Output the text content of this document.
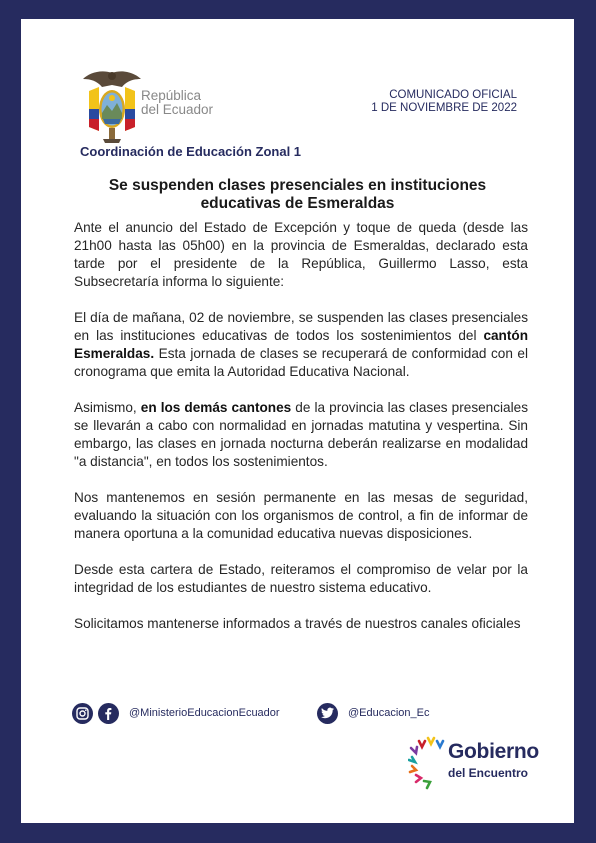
República
del Ecuador
COMUNICADO OFICIAL
1 DE NOVIEMBRE DE 2022
Coordinación de Educación Zonal 1
Se suspenden clases presenciales en instituciones
educativas de Esmeraldas

Ante el anuncio del Estado de Excepción y toque de queda (desde las 21h00 hasta las 05h00) en la provincia de Esmeraldas, declarado esta tarde por el presidente de la República, Guillermo Lasso, esta Subsecretaría informa lo siguiente:

El día de mañana, 02 de noviembre, se suspenden las clases presenciales en las instituciones educativas de todos los sostenimientos del cantón Esmeraldas. Esta jornada de clases se recuperará de conformidad con el cronograma que emita la Autoridad Educativa Nacional.

Asimismo, en los demás cantones de la provincia las clases presenciales se llevarán a cabo con normalidad en jornadas matutina y vespertina. Sin embargo, las clases en jornada nocturna deberán realizarse en modalidad "a distancia", en todos los sostenimientos.

Nos mantenemos en sesión permanente en las mesas de seguridad, evaluando la situación con los organismos de control, a fin de informar de manera oportuna a la comunidad educativa nuevas disposiciones.

Desde esta cartera de Estado, reiteramos el compromiso de velar por la integridad de los estudiantes de nuestro sistema educativo.

Solicitamos mantenerse informados a través de nuestros canales oficiales

@MinisterioEducacionEcuador	@Educacion_Ec
Gobierno
del Encuentro
